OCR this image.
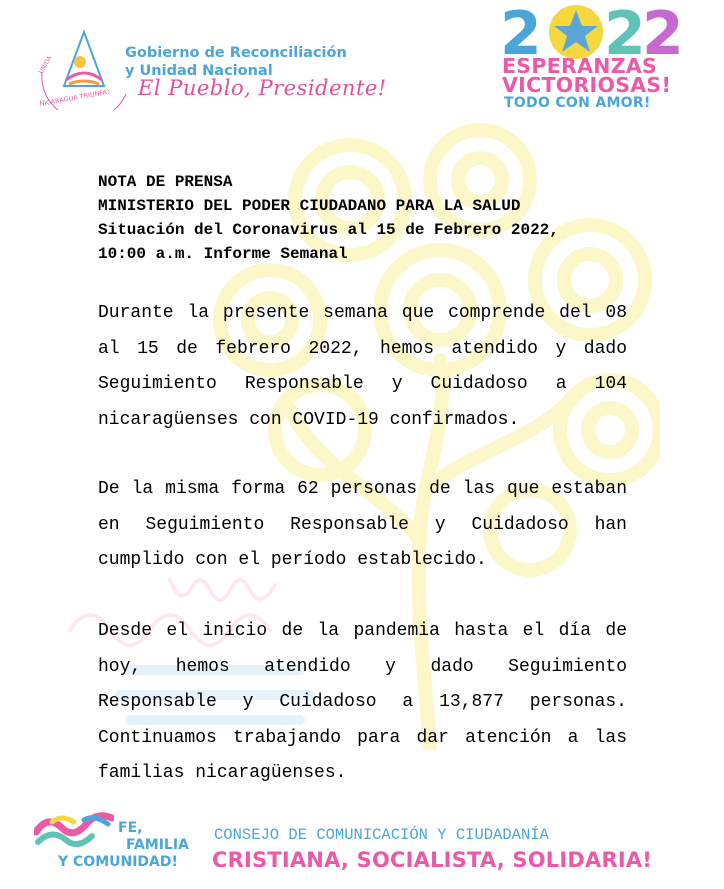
UNIDA
NICARAGUA TRIUNFA!
Gobierno de Reconciliación
y Unidad Nacional
El Pueblo, Presidente!
2 2
2
ESPERANZAS
VICTORIOSAS!
TODO CON AMOR!
NOTA DE PRENSA
MINISTERIO DEL PODER CIUDADANO PARA LA SALUD
Situación del Coronavirus al 15 de Febrero 2022,
10:00 a.m. Informe Semanal
Durante la presente semana que comprende del 08 al 15 de febrero 2022, hemos atendido y dado Seguimiento Responsable y Cuidadoso a 104 nicaragüenses con COVID-19 confirmados.
De la misma forma 62 personas de las que estaban en Seguimiento Responsable y Cuidadoso han cumplido con el período establecido.
Desde el inicio de la pandemia hasta el día de hoy, hemos atendido y dado Seguimiento Responsable y Cuidadoso a 13,877 personas. Continuamos trabajando para dar atención a las familias nicaragüenses.
FE,
FAMILIA
Y COMUNIDAD!
CONSEJO DE COMUNICACIÓN Y CIUDADANÍA
CRISTIANA, SOCIALISTA, SOLIDARIA!
